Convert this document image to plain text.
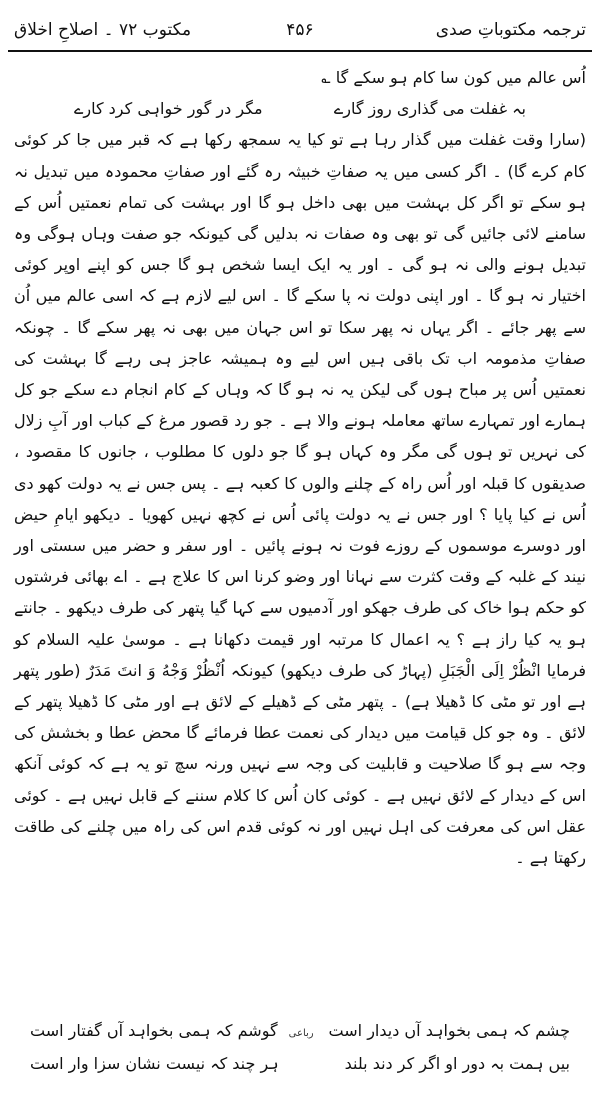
ترجمہ مکتوباتِ صدی
۴۵۶
مکتوب ۷۲ ۔ اصلاحِ اخلاق

اُس عالم میں کون سا کام ہو سکے گا ؎

بہ غفلت می گذاری روز گارے
مگر در گور خواہی کرد کارے

(سارا وقت غفلت میں گذار رہا ہے تو کیا یہ سمجھ رکھا ہے کہ قبر میں جا کر کوئی کام کرے گا) ۔ اگر کسی میں یہ صفاتِ خبیثہ رہ گئے اور صفاتِ محمودہ میں تبدیل نہ ہو سکے تو اگر کل بہشت میں بھی داخل ہو گا اور بہشت کی تمام نعمتیں اُس کے سامنے لائی جائیں گی تو بھی وہ صفات نہ بدلیں گی کیونکہ جو صفت وہاں ہوگی وہ تبدیل ہونے والی نہ ہو گی ۔ اور یہ ایک ایسا شخص ہو گا جس کو اپنے اوپر کوئی اختیار نہ ہو گا ۔ اور اپنی دولت نہ پا سکے گا ۔ اس لیے لازم ہے کہ اسی عالم میں اُن سے پھر جائے ۔ اگر یہاں نہ پھر سکا تو اس جہان میں بھی نہ پھر سکے گا ۔ چونکہ صفاتِ مذمومہ اب تک باقی ہیں اس لیے وہ ہمیشہ عاجز ہی رہے گا بہشت کی نعمتیں اُس پر مباح ہوں گی لیکن یہ نہ ہو گا کہ وہاں کے کام انجام دے سکے جو کل ہمارے اور تمہارے ساتھ معاملہ ہونے والا ہے ۔ جو رد قصور مرغ کے کباب اور آبِ زلال کی نہریں تو ہوں گی مگر وہ کہاں ہو گا جو دلوں کا مطلوب ، جانوں کا مقصود ، صدیقوں کا قبلہ اور اُس راہ کے چلنے والوں کا کعبہ ہے ۔ پس جس نے یہ دولت کھو دی اُس نے کیا پایا ؟ اور جس نے یہ دولت پائی اُس نے کچھ نہیں کھویا ۔ دیکھو ایامِ حیض اور دوسرے موسموں کے روزے فوت نہ ہونے پائیں ۔ اور سفر و حضر میں سستی اور نیند کے غلبہ کے وقت کثرت سے نہانا اور وضو کرنا اس کا علاج ہے ۔ اے بھائی فرشتوں کو حکم ہوا خاک کی طرف جھکو اور آدمیوں سے کہا گیا پتھر کی طرف دیکھو ۔ جانتے ہو یہ کیا راز ہے ؟ یہ اعمال کا مرتبہ اور قیمت دکھانا ہے ۔ موسیٰ علیہ السلام کو فرمایا انْظُرْ اِلَى الْجَبَلِ (پہاڑ کی طرف دیکھو) کیونکہ اُنْظُرْ وَجْهُ وَ انتَ مَدَرٌ (طور پتھر ہے اور تو مٹی کا ڈھیلا ہے) ۔ پتھر مٹی کے ڈھیلے کے لائق ہے اور مٹی کا ڈھیلا پتھر کے لائق ۔ وہ جو کل قیامت میں دیدار کی نعمت عطا فرمائے گا محض عطا و بخشش کی وجہ سے ہو گا صلاحیت و قابلیت کی وجہ سے نہیں ورنہ سچ تو یہ ہے کہ کوئی آنکھ اس کے دیدار کے لائق نہیں ہے ۔ کوئی کان اُس کا کلام سننے کے قابل نہیں ہے ۔ کوئی عقل اس کی معرفت کی اہل نہیں اور نہ کوئی قدم اس کی راہ میں چلنے کی طاقت رکھتا ہے ۔

چشم کہ ہمی بخواہد آں دیدار است
رباعی گوشم کہ ہمی بخواہد آں گفتار است
بیں ہمت بہ دور او اگر کر دند بلند
ہر چند کہ نیست نشان سزا وار است
